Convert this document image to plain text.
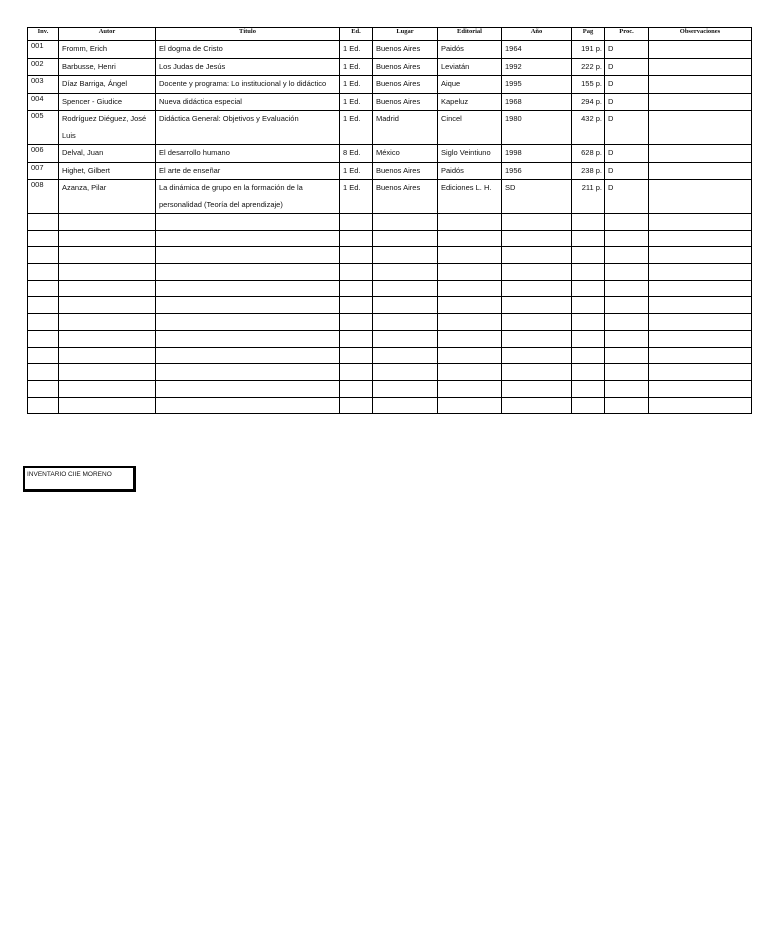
Inv.	Autor	Título	Ed.	Lugar	Editorial	Año	Pag	Proc.	Observaciones
001	Fromm, Erich	El dogma de Cristo	1 Ed.	Buenos Aires	Paidós	1964	191 p.	D	
002	Barbusse, Henri	Los Judas de Jesús	1 Ed.	Buenos Aires	Leviatán	1992	222 p.	D	
003	Díaz Barriga, Ángel	Docente y programa: Lo institucional y lo didáctico	1 Ed.	Buenos Aires	Aique	1995	155 p.	D	
004	Spencer - Giudice	Nueva didáctica especial	1 Ed.	Buenos Aires	Kapeluz	1968	294 p.	D	
005	Rodríguez Diéguez, José Luis	Didáctica General: Objetivos y Evaluación	1 Ed.	Madrid	Cincel	1980	432 p.	D	
006	Delval, Juan	El desarrollo humano	8 Ed.	México	Siglo Veintiuno	1998	628 p.	D	
007	Highet, Gilbert	El arte de enseñar	1 Ed.	Buenos Aires	Paidós	1956	238 p.	D	
008	Azanza, Pilar	La dinámica de grupo en la formación de la personalidad (Teoría del aprendizaje)	1 Ed.	Buenos Aires	Ediciones L. H.	SD	211 p.	D	

INVENTARIO CIIE MORENO
